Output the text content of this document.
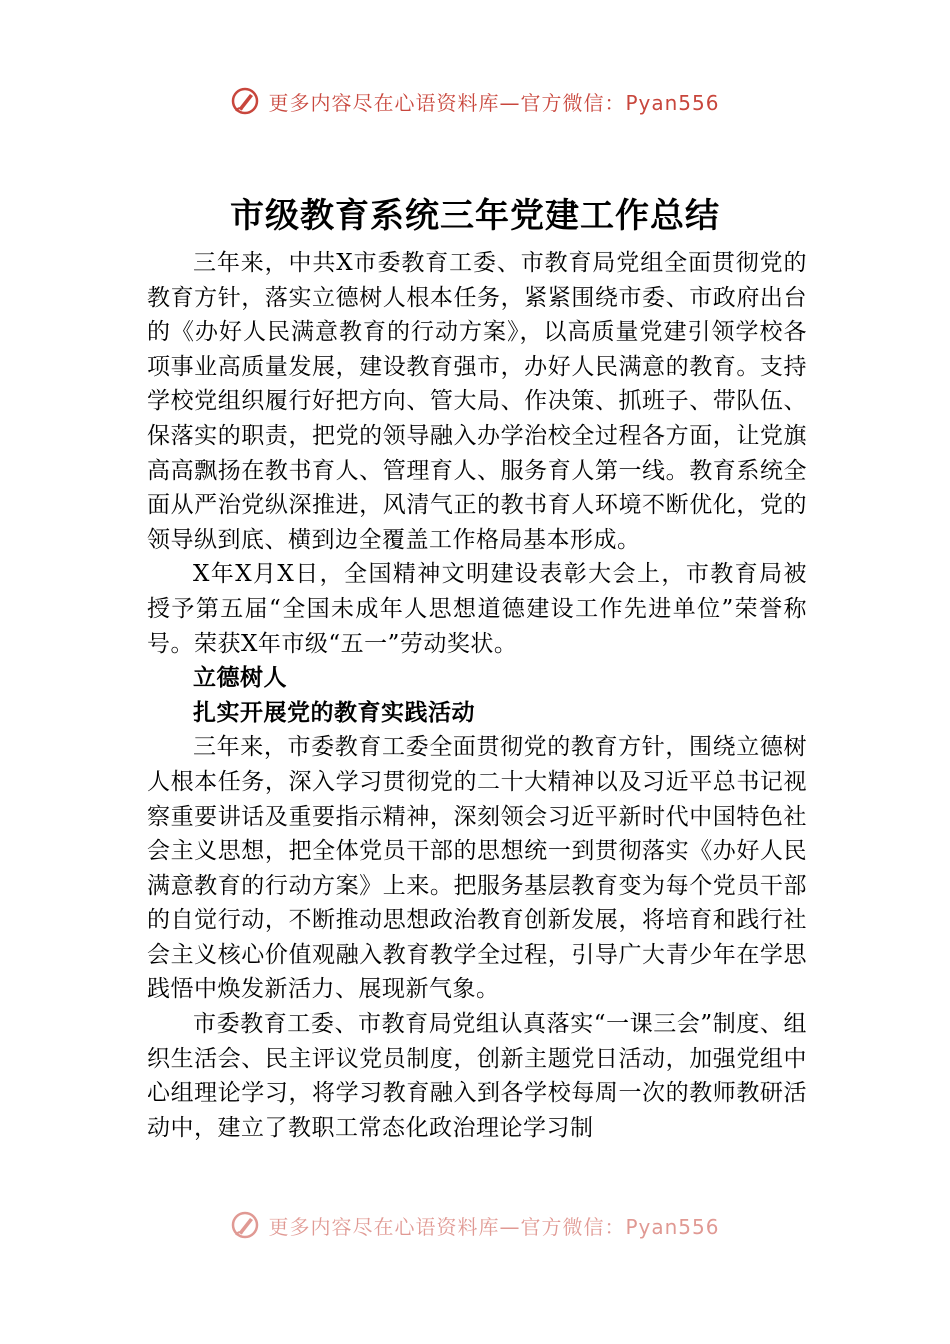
更多内容尽在心语资料库—官方微信：Pyan556
市级教育系统三年党建工作总结

三年来，中共X市委教育工委、市教育局党组全面贯彻党的教育方针，落实立德树人根本任务，紧紧围绕市委、市政府出台的《办好人民满意教育的行动方案》，以高质量党建引领学校各项事业高质量发展，建设教育强市，办好人民满意的教育。支持学校党组织履行好把方向、管大局、作决策、抓班子、带队伍、保落实的职责，把党的领导融入办学治校全过程各方面，让党旗高高飘扬在教书育人、管理育人、服务育人第一线。教育系统全面从严治党纵深推进，风清气正的教书育人环境不断优化，党的领导纵到底、横到边全覆盖工作格局基本形成。

X年X月X日，全国精神文明建设表彰大会上，市教育局被授予第五届“全国未成年人思想道德建设工作先进单位”荣誉称号。荣获X年市级“五一”劳动奖状。

立德树人

扎实开展党的教育实践活动

三年来，市委教育工委全面贯彻党的教育方针，围绕立德树人根本任务，深入学习贯彻党的二十大精神以及习近平总书记视察重要讲话及重要指示精神，深刻领会习近平新时代中国特色社会主义思想，把全体党员干部的思想统一到贯彻落实《办好人民满意教育的行动方案》上来。把服务基层教育变为每个党员干部的自觉行动，不断推动思想政治教育创新发展，将培育和践行社会主义核心价值观融入教育教学全过程，引导广大青少年在学思践悟中焕发新活力、展现新气象。

市委教育工委、市教育局党组认真落实“一课三会”制度、组织生活会、民主评议党员制度，创新主题党日活动，加强党组中心组理论学习，将学习教育融入到各学校每周一次的教师教研活动中，建立了教职工常态化政治理论学习制

更多内容尽在心语资料库—官方微信：Pyan556
